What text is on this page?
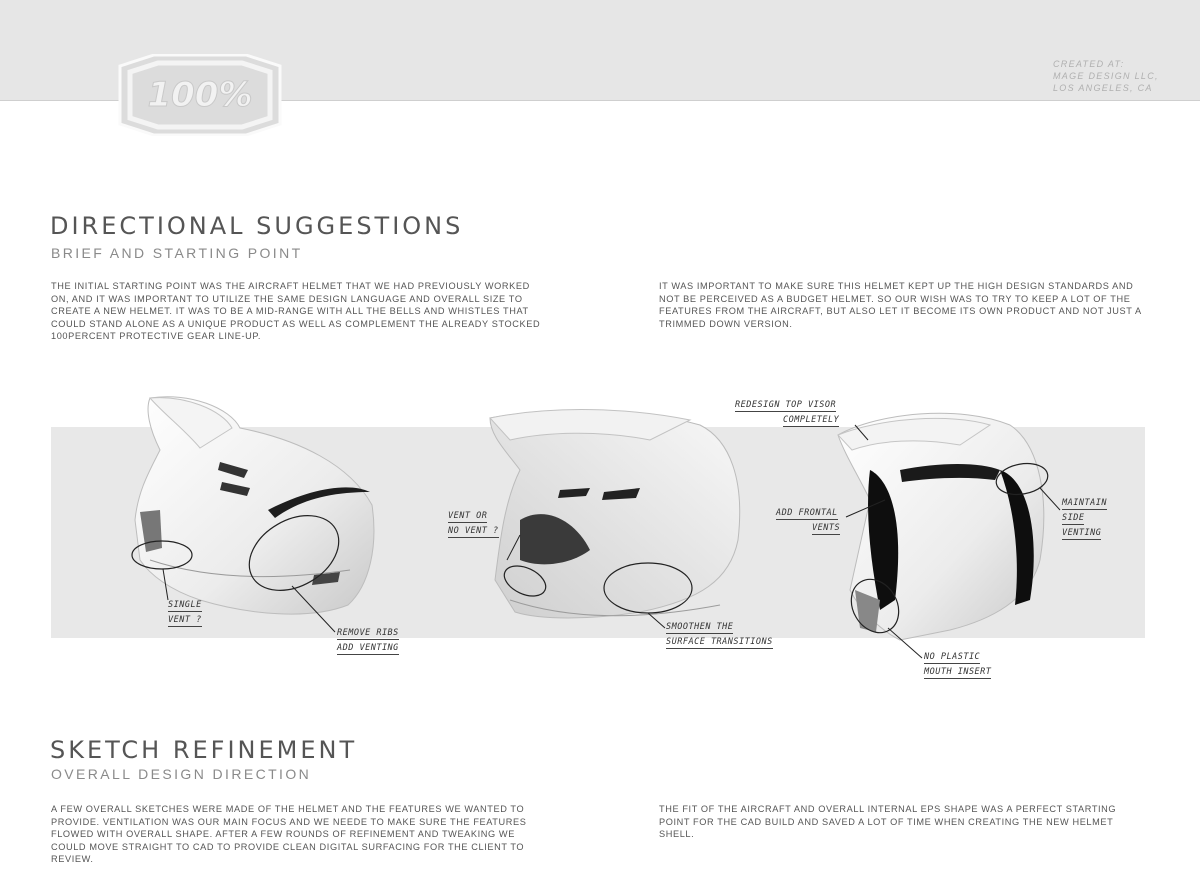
100%
CREATED AT:
MAGE DESIGN LLC,
LOS ANGELES, CA
DIRECTIONAL SUGGESTIONS
BRIEF AND STARTING POINT
THE INITIAL STARTING POINT WAS THE AIRCRAFT HELMET THAT WE HAD PREVIOUSLY WORKED ON, AND IT WAS IMPORTANT TO UTILIZE THE SAME DESIGN LANGUAGE AND OVERALL SIZE TO CREATE A NEW HELMET. IT WAS TO BE A MID-RANGE WITH ALL THE BELLS AND WHISTLES THAT COULD STAND ALONE AS A UNIQUE PRODUCT AS WELL AS COMPLEMENT THE ALREADY STOCKED 100PERCENT PROTECTIVE GEAR LINE-UP.
IT WAS IMPORTANT TO MAKE SURE THIS HELMET KEPT UP THE HIGH DESIGN STANDARDS AND NOT BE PERCEIVED AS A BUDGET HELMET. SO OUR WISH WAS TO TRY TO KEEP A LOT OF THE FEATURES FROM THE AIRCRAFT, BUT ALSO LET IT BECOME ITS OWN PRODUCT AND NOT JUST A TRIMMED DOWN VERSION.
SINGLE
VENT ?
REMOVE RIBS
ADD VENTING
VENT OR
NO VENT ?
SMOOTHEN THE
SURFACE TRANSITIONS
REDESIGN TOP VISOR
COMPLETELY
ADD FRONTAL
VENTS
MAINTAIN
SIDE
VENTING
NO PLASTIC
MOUTH INSERT
SKETCH REFINEMENT
OVERALL DESIGN DIRECTION
A FEW OVERALL SKETCHES WERE MADE OF THE HELMET AND THE FEATURES WE WANTED TO PROVIDE. VENTILATION WAS OUR MAIN FOCUS AND WE NEEDE TO MAKE SURE THE FEATURES FLOWED WITH OVERALL SHAPE. AFTER A FEW ROUNDS OF REFINEMENT AND TWEAKING WE COULD MOVE STRAIGHT TO CAD TO PROVIDE CLEAN DIGITAL SURFACING FOR THE CLIENT TO REVIEW.
THE FIT OF THE AIRCRAFT AND OVERALL INTERNAL EPS SHAPE WAS A PERFECT STARTING POINT FOR THE CAD BUILD AND SAVED A LOT OF TIME WHEN CREATING THE NEW HELMET SHELL.
